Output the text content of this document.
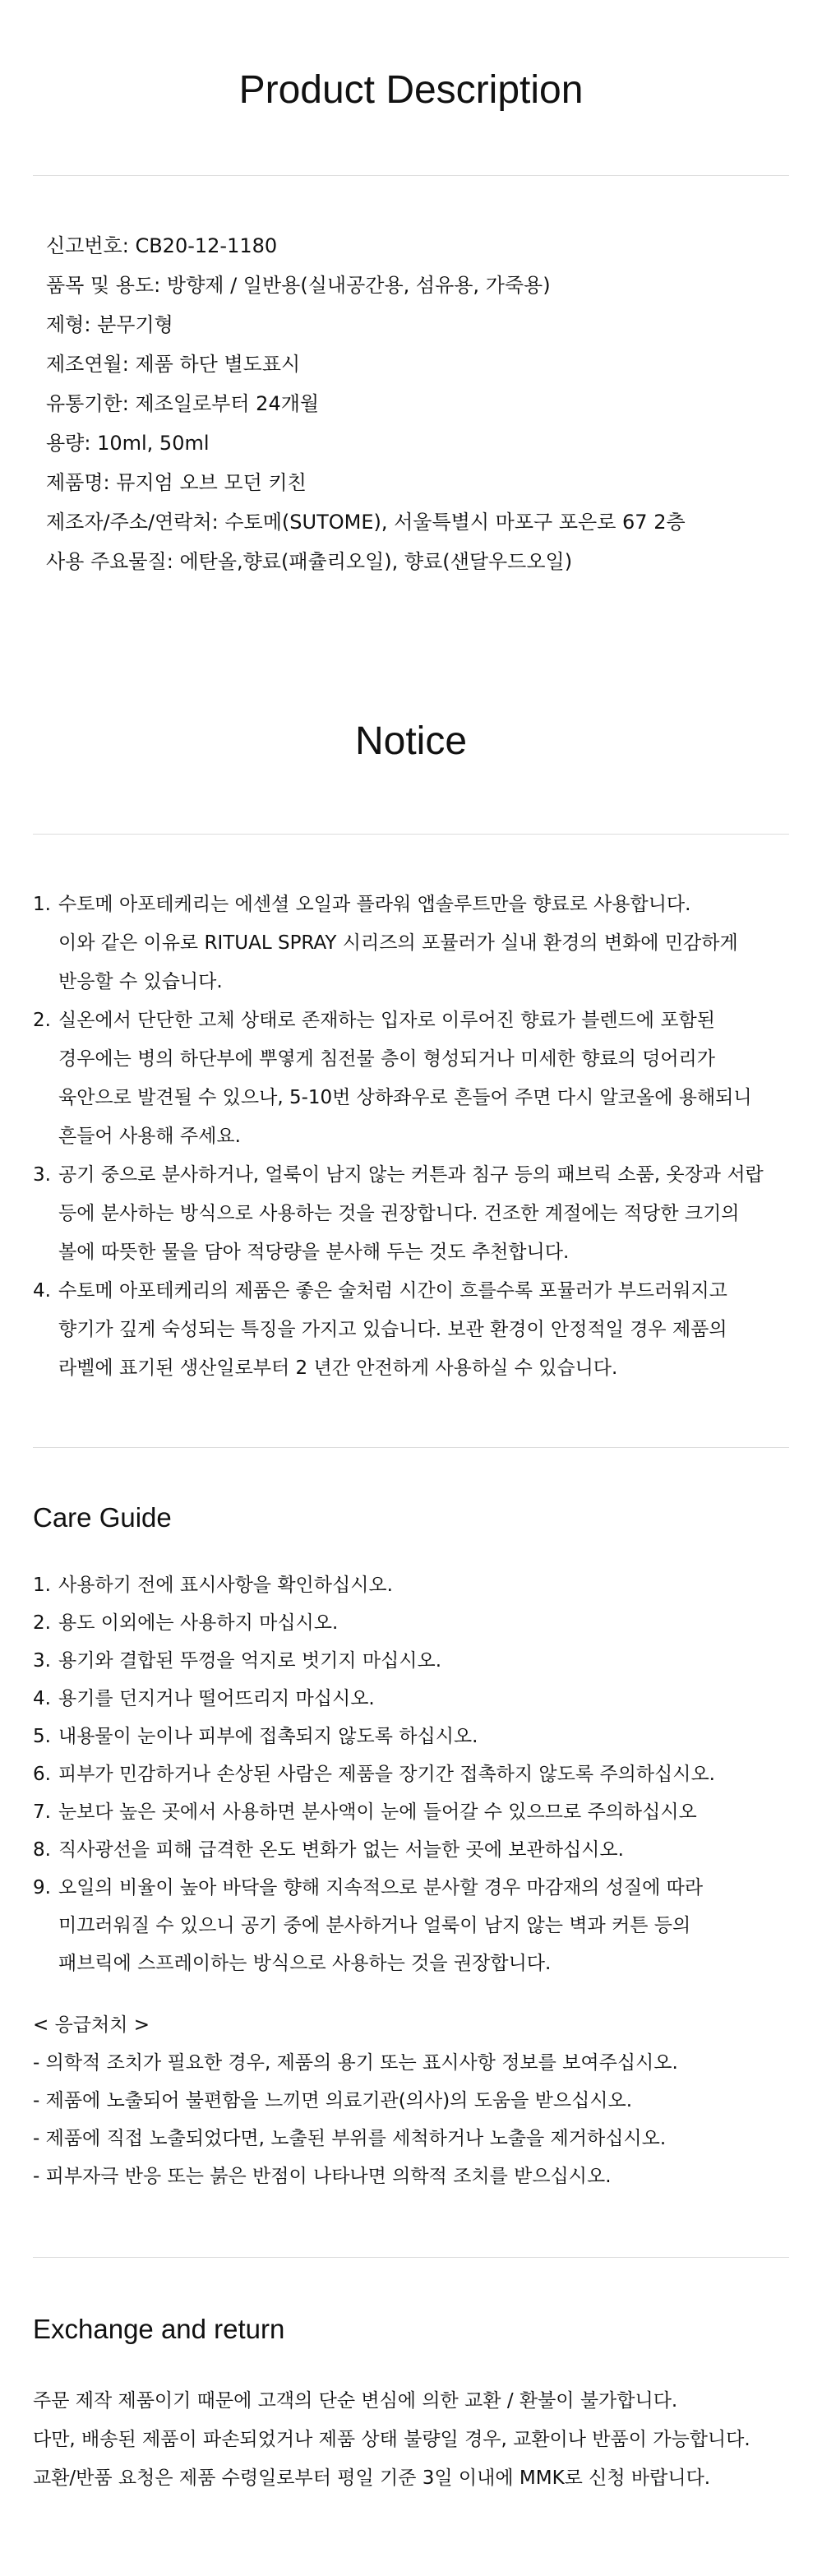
Product Description
신고번호: CB20-12-1180
품목 및 용도: 방향제 / 일반용(실내공간용, 섬유용, 가죽용)
제형: 분무기형
제조연월: 제품 하단 별도표시
유통기한: 제조일로부터 24개월
용량: 10ml, 50ml
제품명: 뮤지엄 오브 모던 키친
제조자/주소/연락처: 수토메(SUTOME), 서울특별시 마포구 포은로 67 2층
사용 주요물질: 에탄올,향료(패츌리오일), 향료(샌달우드오일)
Notice
1. 수토메 아포테케리는 에센셜 오일과 플라워 앱솔루트만을 향료로 사용합니다.
이와 같은 이유로 RITUAL SPRAY 시리즈의 포뮬러가 실내 환경의 변화에 민감하게
반응할 수 있습니다.
2. 실온에서 단단한 고체 상태로 존재하는 입자로 이루어진 향료가 블렌드에 포함된
경우에는 병의 하단부에 뿌옇게 침전물 층이 형성되거나 미세한 향료의 덩어리가
육안으로 발견될 수 있으나, 5-10번 상하좌우로 흔들어 주면 다시 알코올에 용해되니
흔들어 사용해 주세요.
3. 공기 중으로 분사하거나, 얼룩이 남지 않는 커튼과 침구 등의 패브릭 소품, 옷장과 서랍
등에 분사하는 방식으로 사용하는 것을 권장합니다. 건조한 계절에는 적당한 크기의
볼에 따뜻한 물을 담아 적당량을 분사해 두는 것도 추천합니다.
4. 수토메 아포테케리의 제품은 좋은 술처럼 시간이 흐를수록 포뮬러가 부드러워지고
향기가 깊게 숙성되는 특징을 가지고 있습니다. 보관 환경이 안정적일 경우 제품의
라벨에 표기된 생산일로부터 2 년간 안전하게 사용하실 수 있습니다.
Care Guide
1. 사용하기 전에 표시사항을 확인하십시오.
2. 용도 이외에는 사용하지 마십시오.
3. 용기와 결합된 뚜껑을 억지로 벗기지 마십시오.
4. 용기를 던지거나 떨어뜨리지 마십시오.
5. 내용물이 눈이나 피부에 접촉되지 않도록 하십시오.
6. 피부가 민감하거나 손상된 사람은 제품을 장기간 접촉하지 않도록 주의하십시오.
7. 눈보다 높은 곳에서 사용하면 분사액이 눈에 들어갈 수 있으므로 주의하십시오
8. 직사광선을 피해 급격한 온도 변화가 없는 서늘한 곳에 보관하십시오.
9. 오일의 비율이 높아 바닥을 향해 지속적으로 분사할 경우 마감재의 성질에 따라
미끄러워질 수 있으니 공기 중에 분사하거나 얼룩이 남지 않는 벽과 커튼 등의
패브릭에 스프레이하는 방식으로 사용하는 것을 권장합니다.
< 응급처치 >
- 의학적 조치가 필요한 경우, 제품의 용기 또는 표시사항 정보를 보여주십시오.
- 제품에 노출되어 불편함을 느끼면 의료기관(의사)의 도움을 받으십시오.
- 제품에 직접 노출되었다면, 노출된 부위를 세척하거나 노출을 제거하십시오.
- 피부자극 반응 또는 붉은 반점이 나타나면 의학적 조치를 받으십시오.
Exchange and return
주문 제작 제품이기 때문에 고객의 단순 변심에 의한 교환 / 환불이 불가합니다.
다만, 배송된 제품이 파손되었거나 제품 상태 불량일 경우, 교환이나 반품이 가능합니다.
교환/반품 요청은 제품 수령일로부터 평일 기준 3일 이내에 MMK로 신청 바랍니다.
